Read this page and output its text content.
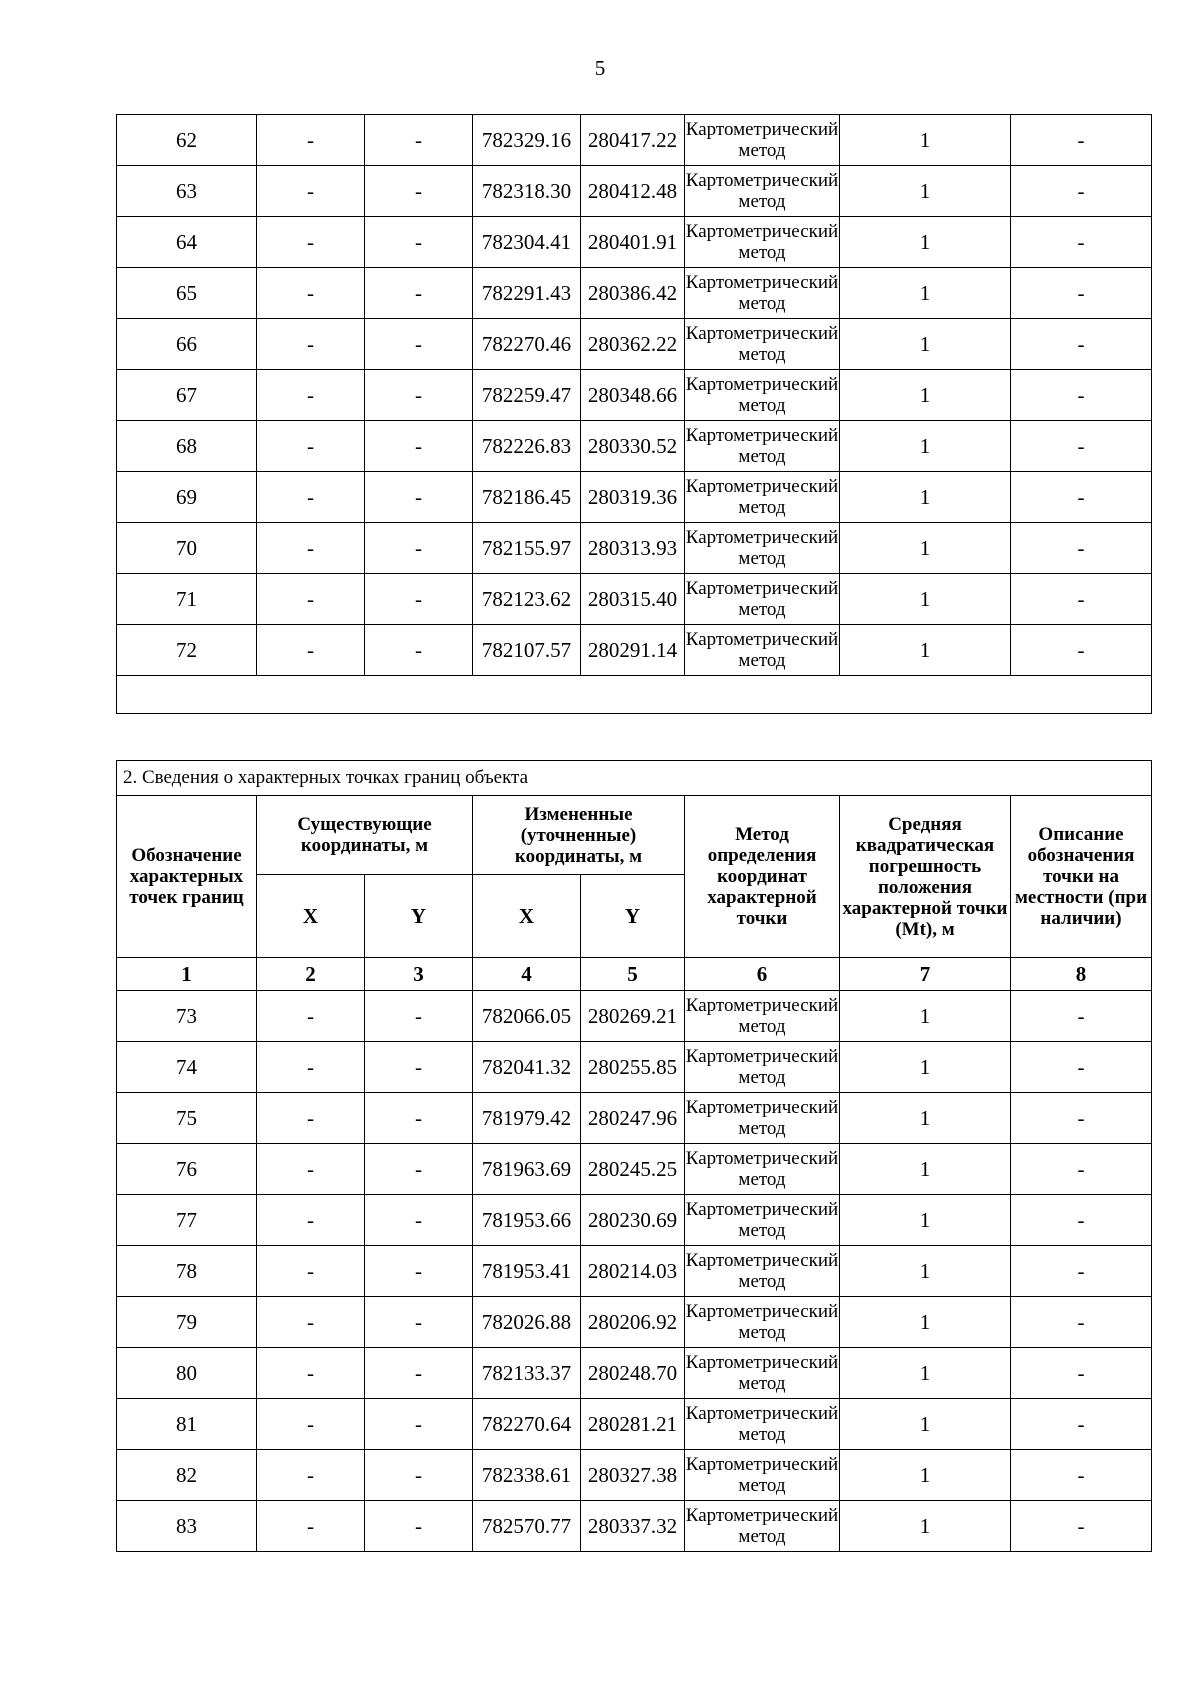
5
62	-	-	782329.16	280417.22	Картометрический метод	1	-
63	-	-	782318.30	280412.48	Картометрический метод	1	-
64	-	-	782304.41	280401.91	Картометрический метод	1	-
65	-	-	782291.43	280386.42	Картометрический метод	1	-
66	-	-	782270.46	280362.22	Картометрический метод	1	-
67	-	-	782259.47	280348.66	Картометрический метод	1	-
68	-	-	782226.83	280330.52	Картометрический метод	1	-
69	-	-	782186.45	280319.36	Картометрический метод	1	-
70	-	-	782155.97	280313.93	Картометрический метод	1	-
71	-	-	782123.62	280315.40	Картометрический метод	1	-
72	-	-	782107.57	280291.14	Картометрический метод	1	-

2. Сведения о характерных точках границ объекта							
Обозначение характерных точек границ	Существующие координаты, м		Измененные (уточненные) координаты, м		Метод определения координат характерной точки	Средняя квадратическая погрешность положения характерной точки (Mt), м	Описание обозначения точки на местности (при наличии)
	X	Y	X	Y			
1	2	3	4	5	6	7	8
73	-	-	782066.05	280269.21	Картометрический метод	1	-
74	-	-	782041.32	280255.85	Картометрический метод	1	-
75	-	-	781979.42	280247.96	Картометрический метод	1	-
76	-	-	781963.69	280245.25	Картометрический метод	1	-
77	-	-	781953.66	280230.69	Картометрический метод	1	-
78	-	-	781953.41	280214.03	Картометрический метод	1	-
79	-	-	782026.88	280206.92	Картометрический метод	1	-
80	-	-	782133.37	280248.70	Картометрический метод	1	-
81	-	-	782270.64	280281.21	Картометрический метод	1	-
82	-	-	782338.61	280327.38	Картометрический метод	1	-
83	-	-	782570.77	280337.32	Картометрический метод	1	-
